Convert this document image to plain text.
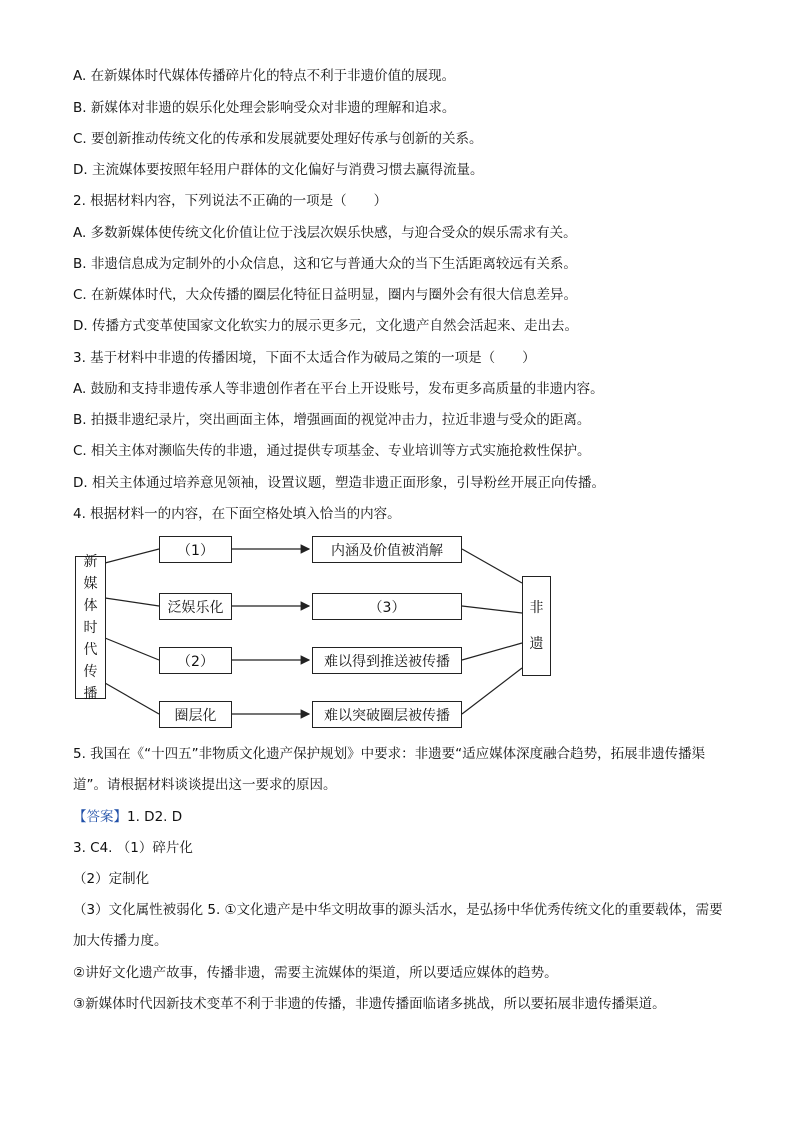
A. 在新媒体时代媒体传播碎片化的特点不利于非遗价值的展现。
B. 新媒体对非遗的娱乐化处理会影响受众对非遗的理解和追求。
C. 要创新推动传统文化的传承和发展就要处理好传承与创新的关系。
D. 主流媒体要按照年轻用户群体的文化偏好与消费习惯去赢得流量。
2. 根据材料内容，下列说法不正确的一项是（　　）
A. 多数新媒体使传统文化价值让位于浅层次娱乐快感，与迎合受众的娱乐需求有关。
B. 非遗信息成为定制外的小众信息，这和它与普通大众的当下生活距离较远有关系。
C. 在新媒体时代，大众传播的圈层化特征日益明显，圈内与圈外会有很大信息差异。
D. 传播方式变革使国家文化软实力的展示更多元，文化遗产自然会活起来、走出去。
3. 基于材料中非遗的传播困境，下面不太适合作为破局之策的一项是（　　）
A. 鼓励和支持非遗传承人等非遗创作者在平台上开设账号，发布更多高质量的非遗内容。
B. 拍摄非遗纪录片，突出画面主体，增强画面的视觉冲击力，拉近非遗与受众的距离。
C. 相关主体对濒临失传的非遗，通过提供专项基金、专业培训等方式实施抢救性保护。
D. 相关主体通过培养意见领袖，设置议题，塑造非遗正面形象，引导粉丝开展正向传播。
4. 根据材料一的内容，在下面空格处填入恰当的内容。
新
媒
体
时
代
传
播
（1）
泛娱乐化
（2）
圈层化
内涵及价值被消解
（3）
难以得到推送被传播
难以突破圈层被传播
非
遗
5. 我国在《“十四五”非物质文化遗产保护规划》中要求：非遗要“适应媒体深度融合趋势，拓展非遗传播渠道”。请根据材料谈谈提出这一要求的原因。
【答案】1. D2. D
3. C4. （1）碎片化
（2）定制化
（3）文化属性被弱化 5. ①文化遗产是中华文明故事的源头活水，是弘扬中华优秀传统文化的重要载体，需要加大传播力度。
②讲好文化遗产故事，传播非遗，需要主流媒体的渠道，所以要适应媒体的趋势。
③新媒体时代因新技术变革不利于非遗的传播，非遗传播面临诸多挑战，所以要拓展非遗传播渠道。
